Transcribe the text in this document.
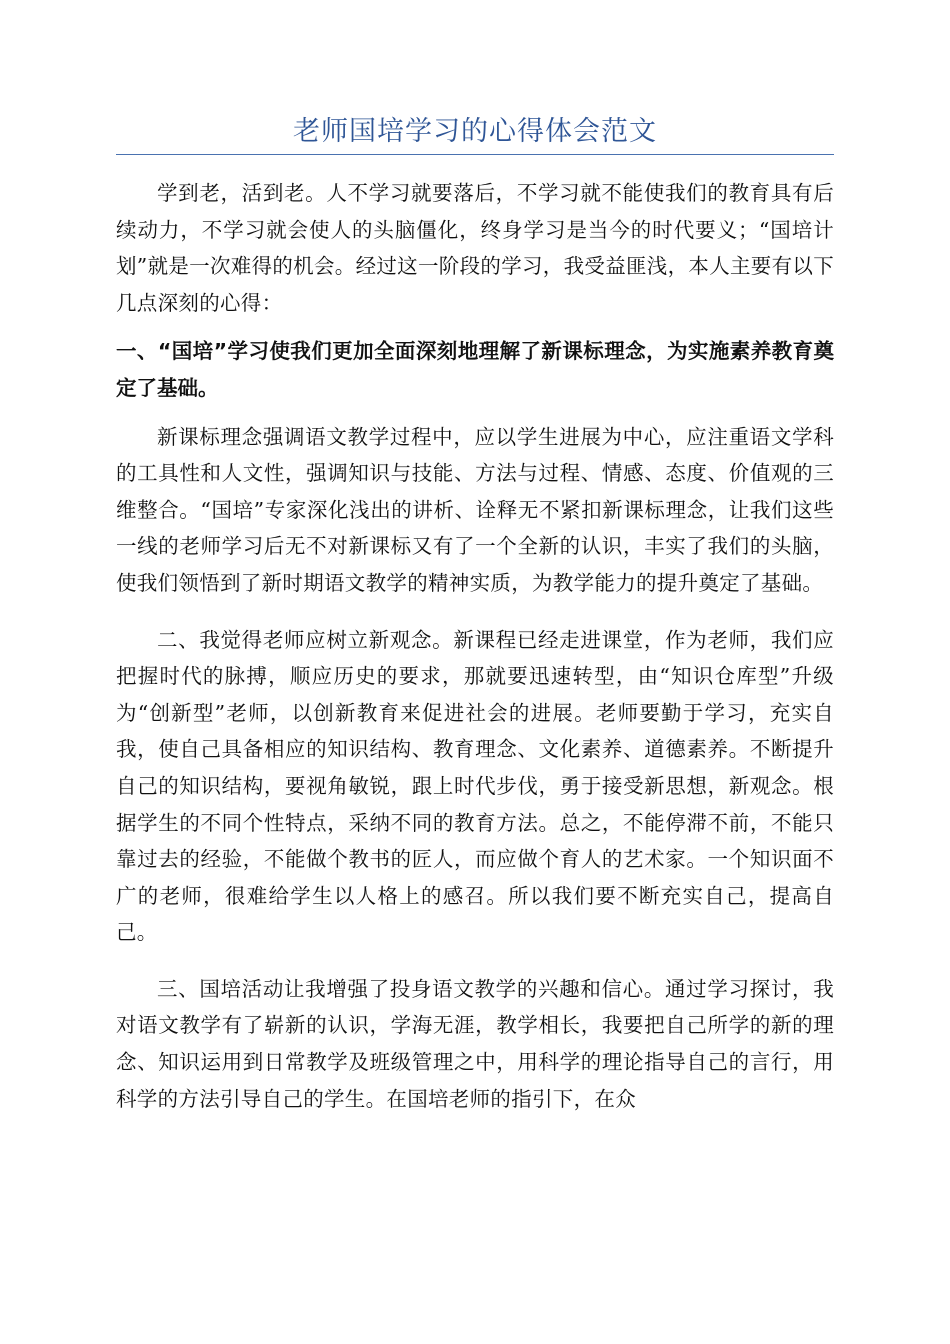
老师国培学习的心得体会范文

学到老，活到老。人不学习就要落后，不学习就不能使我们的教育具有后续动力，不学习就会使人的头脑僵化，终身学习是当今的时代要义；“国培计划”就是一次难得的机会。经过这一阶段的学习，我受益匪浅，本人主要有以下几点深刻的心得：

一、“国培”学习使我们更加全面深刻地理解了新课标理念，为实施素养教育奠定了基础。

新课标理念强调语文教学过程中，应以学生进展为中心，应注重语文学科的工具性和人文性，强调知识与技能、方法与过程、情感、态度、价值观的三维整合。“国培”专家深化浅出的讲析、诠释无不紧扣新课标理念，让我们这些一线的老师学习后无不对新课标又有了一个全新的认识，丰实了我们的头脑，使我们领悟到了新时期语文教学的精神实质，为教学能力的提升奠定了基础。

二、我觉得老师应树立新观念。新课程已经走进课堂，作为老师，我们应把握时代的脉搏，顺应历史的要求，那就要迅速转型，由“知识仓库型”升级为“创新型”老师，以创新教育来促进社会的进展。老师要勤于学习，充实自我，使自己具备相应的知识结构、教育理念、文化素养、道德素养。不断提升自己的知识结构，要视角敏锐，跟上时代步伐，勇于接受新思想，新观念。根据学生的不同个性特点，采纳不同的教育方法。总之，不能停滞不前，不能只靠过去的经验，不能做个教书的匠人，而应做个育人的艺术家。一个知识面不广的老师，很难给学生以人格上的感召。所以我们要不断充实自己，提高自己。

三、国培活动让我增强了投身语文教学的兴趣和信心。通过学习探讨，我对语文教学有了崭新的认识，学海无涯，教学相长，我要把自己所学的新的理念、知识运用到日常教学及班级管理之中，用科学的理论指导自己的言行，用科学的方法引导自己的学生。在国培老师的指引下，在众
